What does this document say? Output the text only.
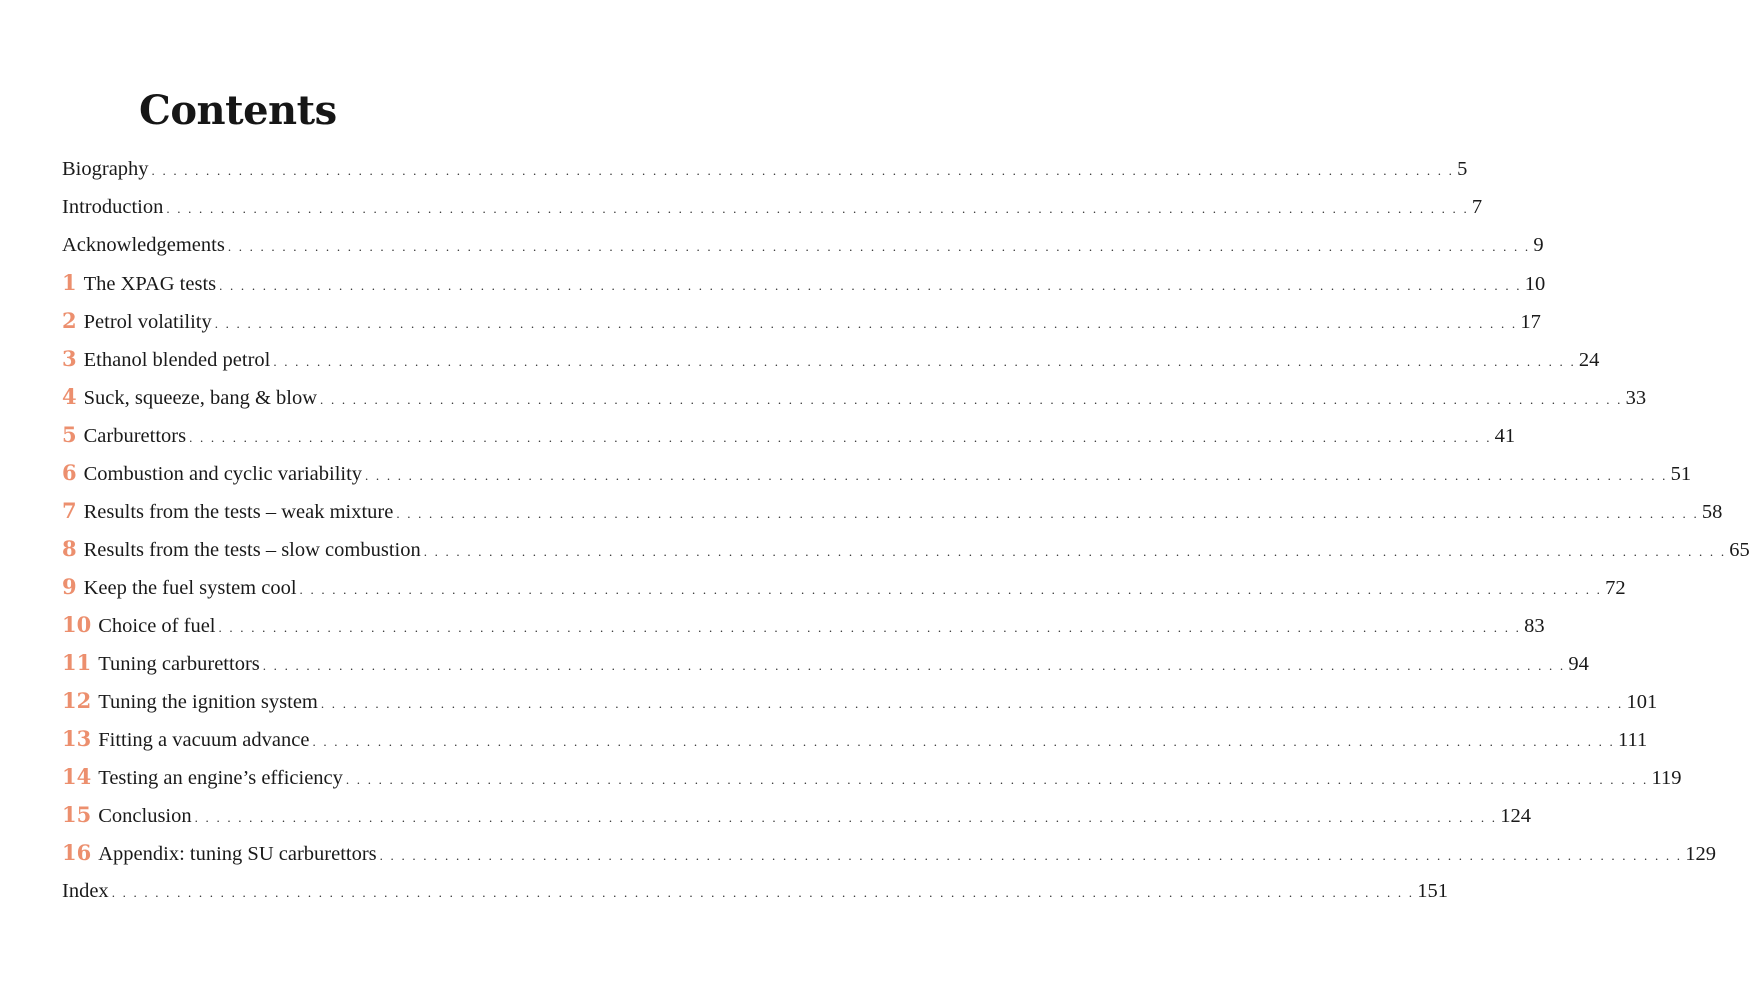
Contents
Biography . . . . . . . . . . . . . . . . . . . . . . . . . . . . . . . . . . . . . . . . . . . . . . . . . . . . . . . . . . . . . . . . . . . . . . . . . . . . . . . . . . . . . . . . . . . . . . . . . . . . . . . . . . . . . . . . . . . . . . . . 5
Introduction . . . . . . . . . . . . . . . . . . . . . . . . . . . . . . . . . . . . . . . . . . . . . . . . . . . . . . . . . . . . . . . . . . . . . . . . . . . . . . . . . . . . . . . . . . . . . . . . . . . . . . . . . . . . . . . . . . . . . . . . 7
Acknowledgements . . . . . . . . . . . . . . . . . . . . . . . . . . . . . . . . . . . . . . . . . . . . . . . . . . . . . . . . . . . . . . . . . . . . . . . . . . . . . . . . . . . . . . . . . . . . . . . . . . . . . . . . . . . . . . . . . . . . . . . . 9
1 The XPAG tests . . . . . . . . . . . . . . . . . . . . . . . . . . . . . . . . . . . . . . . . . . . . . . . . . . . . . . . . . . . . . . . . . . . . . . . . . . . . . . . . . . . . . . . . . . . . . . . . . . . . . . . . . . . . . . . . . . . . . . . . 10
2 Petrol volatility . . . . . . . . . . . . . . . . . . . . . . . . . . . . . . . . . . . . . . . . . . . . . . . . . . . . . . . . . . . . . . . . . . . . . . . . . . . . . . . . . . . . . . . . . . . . . . . . . . . . . . . . . . . . . . . . . . . . . . . . 17
3 Ethanol blended petrol . . . . . . . . . . . . . . . . . . . . . . . . . . . . . . . . . . . . . . . . . . . . . . . . . . . . . . . . . . . . . . . . . . . . . . . . . . . . . . . . . . . . . . . . . . . . . . . . . . . . . . . . . . . . . . . . . . . . . . . . 24
4 Suck, squeeze, bang & blow . . . . . . . . . . . . . . . . . . . . . . . . . . . . . . . . . . . . . . . . . . . . . . . . . . . . . . . . . . . . . . . . . . . . . . . . . . . . . . . . . . . . . . . . . . . . . . . . . . . . . . . . . . . . . . . . . . . . . . . . 33
5 Carburettors . . . . . . . . . . . . . . . . . . . . . . . . . . . . . . . . . . . . . . . . . . . . . . . . . . . . . . . . . . . . . . . . . . . . . . . . . . . . . . . . . . . . . . . . . . . . . . . . . . . . . . . . . . . . . . . . . . . . . . . . 41
6 Combustion and cyclic variability . . . . . . . . . . . . . . . . . . . . . . . . . . . . . . . . . . . . . . . . . . . . . . . . . . . . . . . . . . . . . . . . . . . . . . . . . . . . . . . . . . . . . . . . . . . . . . . . . . . . . . . . . . . . . . . . . . . . . . . . 51
7 Results from the tests – weak mixture . . . . . . . . . . . . . . . . . . . . . . . . . . . . . . . . . . . . . . . . . . . . . . . . . . . . . . . . . . . . . . . . . . . . . . . . . . . . . . . . . . . . . . . . . . . . . . . . . . . . . . . . . . . . . . . . . . . . . . . . 58
8 Results from the tests – slow combustion . . . . . . . . . . . . . . . . . . . . . . . . . . . . . . . . . . . . . . . . . . . . . . . . . . . . . . . . . . . . . . . . . . . . . . . . . . . . . . . . . . . . . . . . . . . . . . . . . . . . . . . . . . . . . . . . . . . . . . . . 65
9 Keep the fuel system cool . . . . . . . . . . . . . . . . . . . . . . . . . . . . . . . . . . . . . . . . . . . . . . . . . . . . . . . . . . . . . . . . . . . . . . . . . . . . . . . . . . . . . . . . . . . . . . . . . . . . . . . . . . . . . . . . . . . . . . . . 72
10 Choice of fuel . . . . . . . . . . . . . . . . . . . . . . . . . . . . . . . . . . . . . . . . . . . . . . . . . . . . . . . . . . . . . . . . . . . . . . . . . . . . . . . . . . . . . . . . . . . . . . . . . . . . . . . . . . . . . . . . . . . . . . . . 83
11 Tuning carburettors . . . . . . . . . . . . . . . . . . . . . . . . . . . . . . . . . . . . . . . . . . . . . . . . . . . . . . . . . . . . . . . . . . . . . . . . . . . . . . . . . . . . . . . . . . . . . . . . . . . . . . . . . . . . . . . . . . . . . . . . 94
12 Tuning the ignition system . . . . . . . . . . . . . . . . . . . . . . . . . . . . . . . . . . . . . . . . . . . . . . . . . . . . . . . . . . . . . . . . . . . . . . . . . . . . . . . . . . . . . . . . . . . . . . . . . . . . . . . . . . . . . . . . . . . . . . . . 101
13 Fitting a vacuum advance . . . . . . . . . . . . . . . . . . . . . . . . . . . . . . . . . . . . . . . . . . . . . . . . . . . . . . . . . . . . . . . . . . . . . . . . . . . . . . . . . . . . . . . . . . . . . . . . . . . . . . . . . . . . . . . . . . . . . . . . 111
14 Testing an engine’s efficiency . . . . . . . . . . . . . . . . . . . . . . . . . . . . . . . . . . . . . . . . . . . . . . . . . . . . . . . . . . . . . . . . . . . . . . . . . . . . . . . . . . . . . . . . . . . . . . . . . . . . . . . . . . . . . . . . . . . . . . . . 119
15 Conclusion . . . . . . . . . . . . . . . . . . . . . . . . . . . . . . . . . . . . . . . . . . . . . . . . . . . . . . . . . . . . . . . . . . . . . . . . . . . . . . . . . . . . . . . . . . . . . . . . . . . . . . . . . . . . . . . . . . . . . . . . 124
16 Appendix: tuning SU carburettors . . . . . . . . . . . . . . . . . . . . . . . . . . . . . . . . . . . . . . . . . . . . . . . . . . . . . . . . . . . . . . . . . . . . . . . . . . . . . . . . . . . . . . . . . . . . . . . . . . . . . . . . . . . . . . . . . . . . . . . . 129
Index . . . . . . . . . . . . . . . . . . . . . . . . . . . . . . . . . . . . . . . . . . . . . . . . . . . . . . . . . . . . . . . . . . . . . . . . . . . . . . . . . . . . . . . . . . . . . . . . . . . . . . . . . . . . . . . . . . . . . . . . 151
